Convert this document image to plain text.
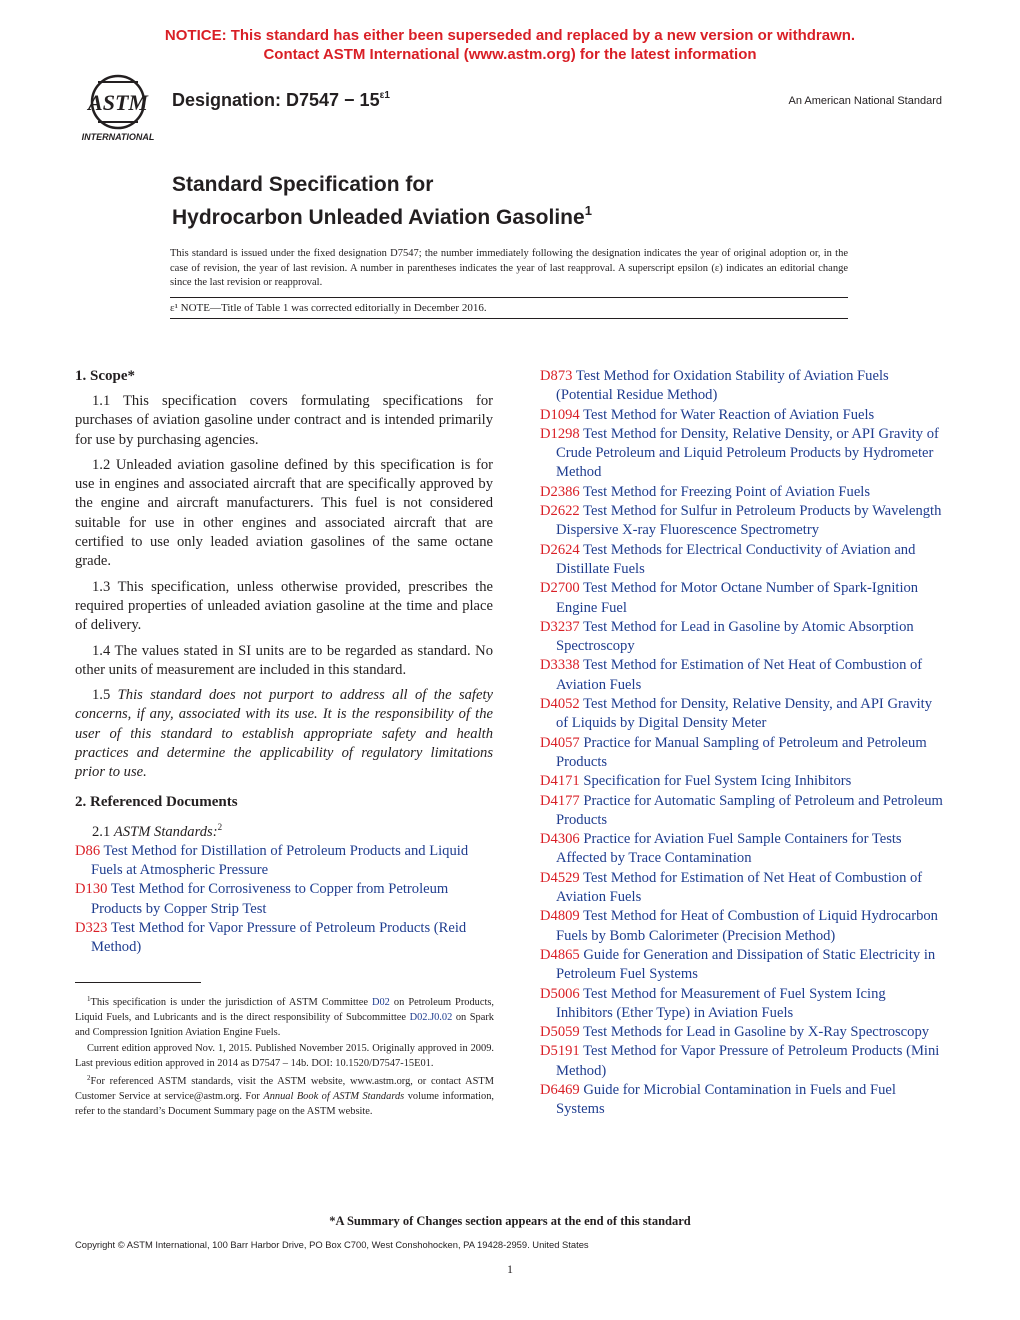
NOTICE: This standard has either been superseded and replaced by a new version or withdrawn.
Contact ASTM International (www.astm.org) for the latest information
ASTM
INTERNATIONAL
Designation: $D7547 - 15^{\varepsilon 1}$	An American National Standard
Standard Specification for
Hydrocarbon Unleaded Aviation Gasoline$^1$
This standard is issued under the fixed designation D7547; the number immediately following the designation indicates the year of original adoption or, in the case of revision, the year of last revision. A number in parentheses indicates the year of last reapproval. A superscript epsilon (ε) indicates an editorial change since the last revision or reapproval.
ε¹ NOTE—Title of Table 1 was corrected editorially in December 2016.
1. Scope*

1.1 This specification covers formulating specifications for purchases of aviation gasoline under contract and is intended primarily for use by purchasing agencies.

1.2 Unleaded aviation gasoline defined by this specification is for use in engines and associated aircraft that are specifically approved by the engine and aircraft manufacturers. This fuel is not considered suitable for use in other engines and associated aircraft that are certified to use only leaded aviation gasolines of the same octane grade.

1.3 This specification, unless otherwise provided, prescribes the required properties of unleaded aviation gasoline at the time and place of delivery.

1.4 The values stated in SI units are to be regarded as standard. No other units of measurement are included in this standard.

1.5 This standard does not purport to address all of the safety concerns, if any, associated with its use. It is the responsibility of the user of this standard to establish appropriate safety and health practices and determine the applicability of regulatory limitations prior to use.

2. Referenced Documents

2.1 ASTM Standards:$^2$

D86 Test Method for Distillation of Petroleum Products and Liquid Fuels at Atmospheric Pressure

D130 Test Method for Corrosiveness to Copper from Petroleum Products by Copper Strip Test

D323 Test Method for Vapor Pressure of Petroleum Products (Reid Method)

D873 Test Method for Oxidation Stability of Aviation Fuels (Potential Residue Method)

D1094 Test Method for Water Reaction of Aviation Fuels

D1298 Test Method for Density, Relative Density, or API Gravity of Crude Petroleum and Liquid Petroleum Products by Hydrometer Method

D2386 Test Method for Freezing Point of Aviation Fuels

D2622 Test Method for Sulfur in Petroleum Products by Wavelength Dispersive X-ray Fluorescence Spectrometry

D2624 Test Methods for Electrical Conductivity of Aviation and Distillate Fuels

D2700 Test Method for Motor Octane Number of Spark-Ignition Engine Fuel

D3237 Test Method for Lead in Gasoline by Atomic Absorption Spectroscopy

D3338 Test Method for Estimation of Net Heat of Combustion of Aviation Fuels

D4052 Test Method for Density, Relative Density, and API Gravity of Liquids by Digital Density Meter

D4057 Practice for Manual Sampling of Petroleum and Petroleum Products

D4171 Specification for Fuel System Icing Inhibitors

D4177 Practice for Automatic Sampling of Petroleum and Petroleum Products

D4306 Practice for Aviation Fuel Sample Containers for Tests Affected by Trace Contamination

D4529 Test Method for Estimation of Net Heat of Combustion of Aviation Fuels

D4809 Test Method for Heat of Combustion of Liquid Hydrocarbon Fuels by Bomb Calorimeter (Precision Method)

D4865 Guide for Generation and Dissipation of Static Electricity in Petroleum Fuel Systems

D5006 Test Method for Measurement of Fuel System Icing Inhibitors (Ether Type) in Aviation Fuels

D5059 Test Methods for Lead in Gasoline by X-Ray Spectroscopy

D5191 Test Method for Vapor Pressure of Petroleum Products (Mini Method)

D6469 Guide for Microbial Contamination in Fuels and Fuel Systems

$^1$This specification is under the jurisdiction of ASTM Committee D02 on Petroleum Products, Liquid Fuels, and Lubricants and is the direct responsibility of Subcommittee D02.J0.02 on Spark and Compression Ignition Aviation Engine Fuels.

Current edition approved Nov. 1, 2015. Published November 2015. Originally approved in 2009. Last previous edition approved in 2014 as D7547 – 14b. DOI: 10.1520/D7547-15E01.

$^2$For referenced ASTM standards, visit the ASTM website, www.astm.org, or contact ASTM Customer Service at service@astm.org. For Annual Book of ASTM Standards volume information, refer to the standard’s Document Summary page on the ASTM website.

*A Summary of Changes section appears at the end of this standard
Copyright © ASTM International, 100 Barr Harbor Drive, PO Box C700, West Conshohocken, PA 19428-2959. United States
1
